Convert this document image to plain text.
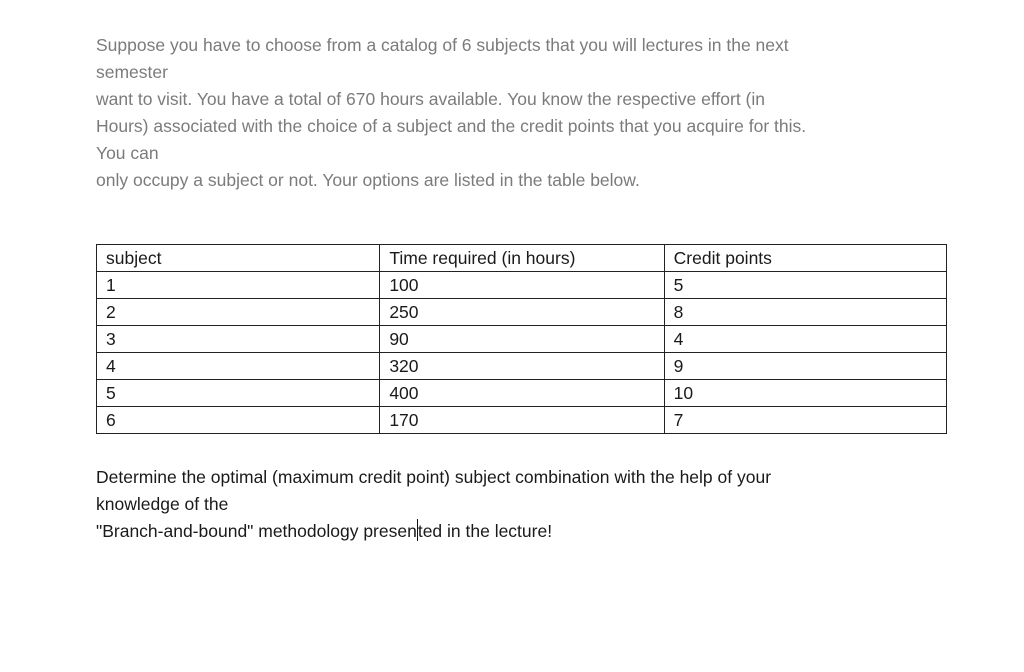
Suppose you have to choose from a catalog of 6 subjects that you will lectures in the next
semester
want to visit. You have a total of 670 hours available. You know the respective effort (in
Hours) associated with the choice of a subject and the credit points that you acquire for this.
You can
only occupy a subject or not. Your options are listed in the table below.
subject	Time required (in hours)	Credit points
1	100	5
2	250	8
3	90	4
4	320	9
5	400	10
6	170	7
Determine the optimal (maximum credit point) subject combination with the help of your
knowledge of the
"Branch-and-bound" methodology presented in the lecture!
